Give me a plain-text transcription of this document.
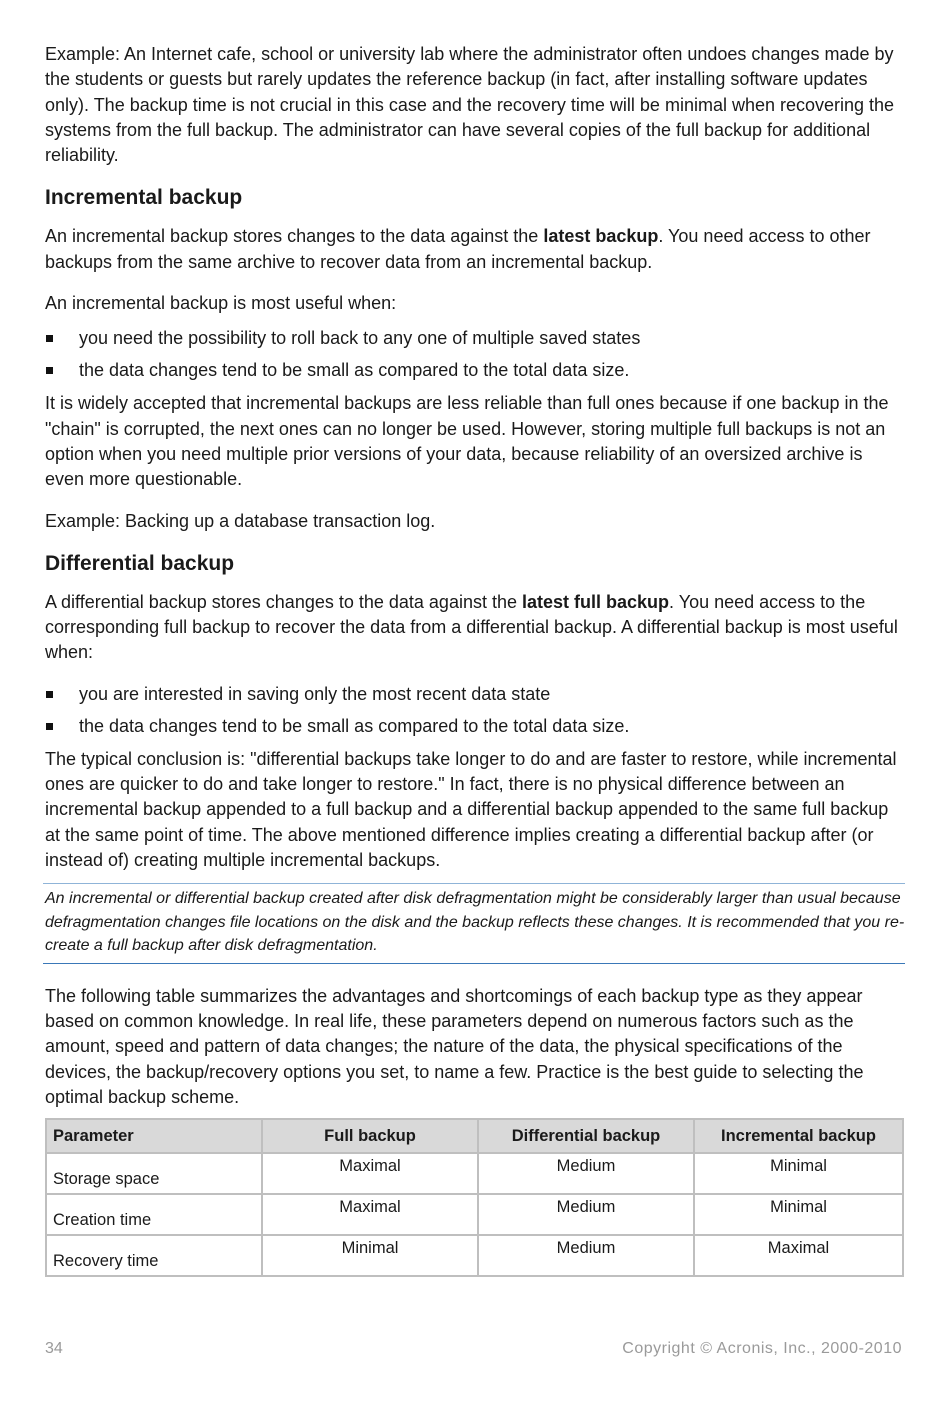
Example: An Internet cafe, school or university lab where the administrator often undoes changes made by the students or guests but rarely updates the reference backup (in fact, after installing software updates only). The backup time is not crucial in this case and the recovery time will be minimal when recovering the systems from the full backup. The administrator can have several copies of the full backup for additional reliability.

Incremental backup

An incremental backup stores changes to the data against the latest backup. You need access to other backups from the same archive to recover data from an incremental backup.

An incremental backup is most useful when:

you need the possibility to roll back to any one of multiple saved states
the data changes tend to be small as compared to the total data size.

It is widely accepted that incremental backups are less reliable than full ones because if one backup in the "chain" is corrupted, the next ones can no longer be used. However, storing multiple full backups is not an option when you need multiple prior versions of your data, because reliability of an oversized archive is even more questionable.

Example: Backing up a database transaction log.

Differential backup

A differential backup stores changes to the data against the latest full backup. You need access to the corresponding full backup to recover the data from a differential backup. A differential backup is most useful when:

you are interested in saving only the most recent data state
the data changes tend to be small as compared to the total data size.

The typical conclusion is: "differential backups take longer to do and are faster to restore, while incremental ones are quicker to do and take longer to restore." In fact, there is no physical difference between an incremental backup appended to a full backup and a differential backup appended to the same full backup at the same point of time. The above mentioned difference implies creating a differential backup after (or instead of) creating multiple incremental backups.

An incremental or differential backup created after disk defragmentation might be considerably larger than usual because defragmentation changes file locations on the disk and the backup reflects these changes. It is recommended that you re-create a full backup after disk defragmentation.

The following table summarizes the advantages and shortcomings of each backup type as they appear based on common knowledge. In real life, these parameters depend on numerous factors such as the amount, speed and pattern of data changes; the nature of the data, the physical specifications of the devices, the backup/recovery options you set, to name a few. Practice is the best guide to selecting the optimal backup scheme.

Parameter	Full backup	Differential backup	Incremental backup
Storage space	Maximal	Medium	Minimal
Creation time	Maximal	Medium	Minimal
Recovery time	Minimal	Medium	Maximal
34	Copyright © Acronis, Inc., 2000-2010
